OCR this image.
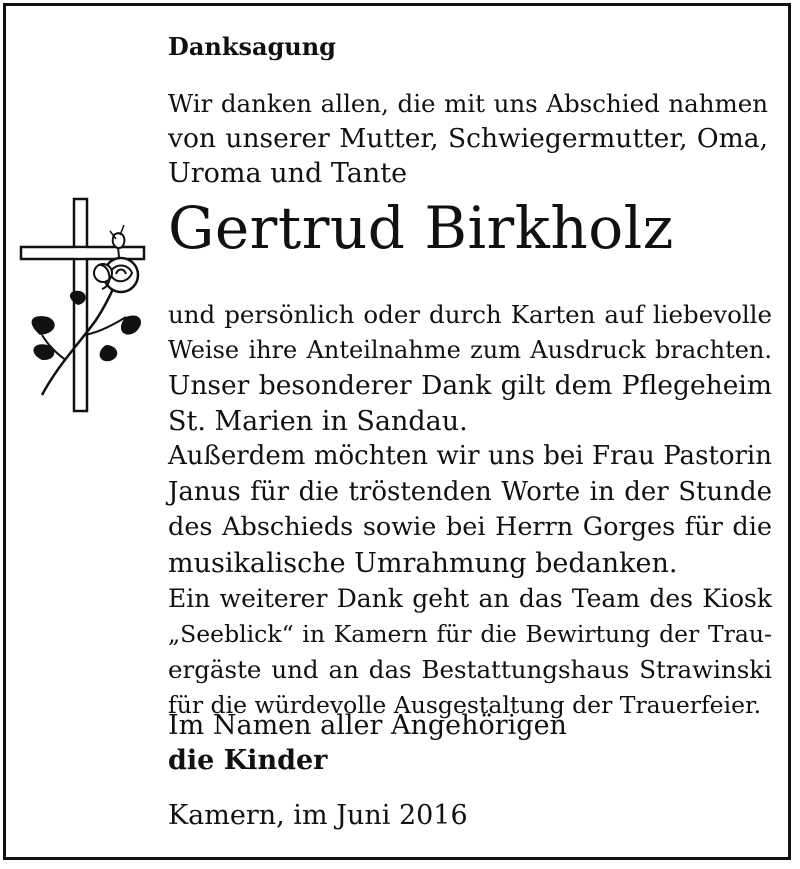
Danksagung
Wir danken allen, die mit uns Abschied nahmen
von unserer Mutter, Schwiegermutter, Oma,
Uroma und Tante
Gertrud Birkholz
und persönlich oder durch Karten auf liebevolle
Weise ihre Anteilnahme zum Ausdruck brachten.
Unser besonderer Dank gilt dem Pflegeheim
St. Marien in Sandau.
Außerdem möchten wir uns bei Frau Pastorin
Janus für die tröstenden Worte in der Stunde
des Abschieds sowie bei Herrn Gorges für die
musikalische Umrahmung bedanken.
Ein weiterer Dank geht an das Team des Kiosk
„Seeblick“ in Kamern für die Bewirtung der Trau-
ergäste und an das Bestattungshaus Strawinski
für die würdevolle Ausgestaltung der Trauerfeier.
Im Namen aller Angehörigen
die Kinder
Kamern, im Juni 2016
